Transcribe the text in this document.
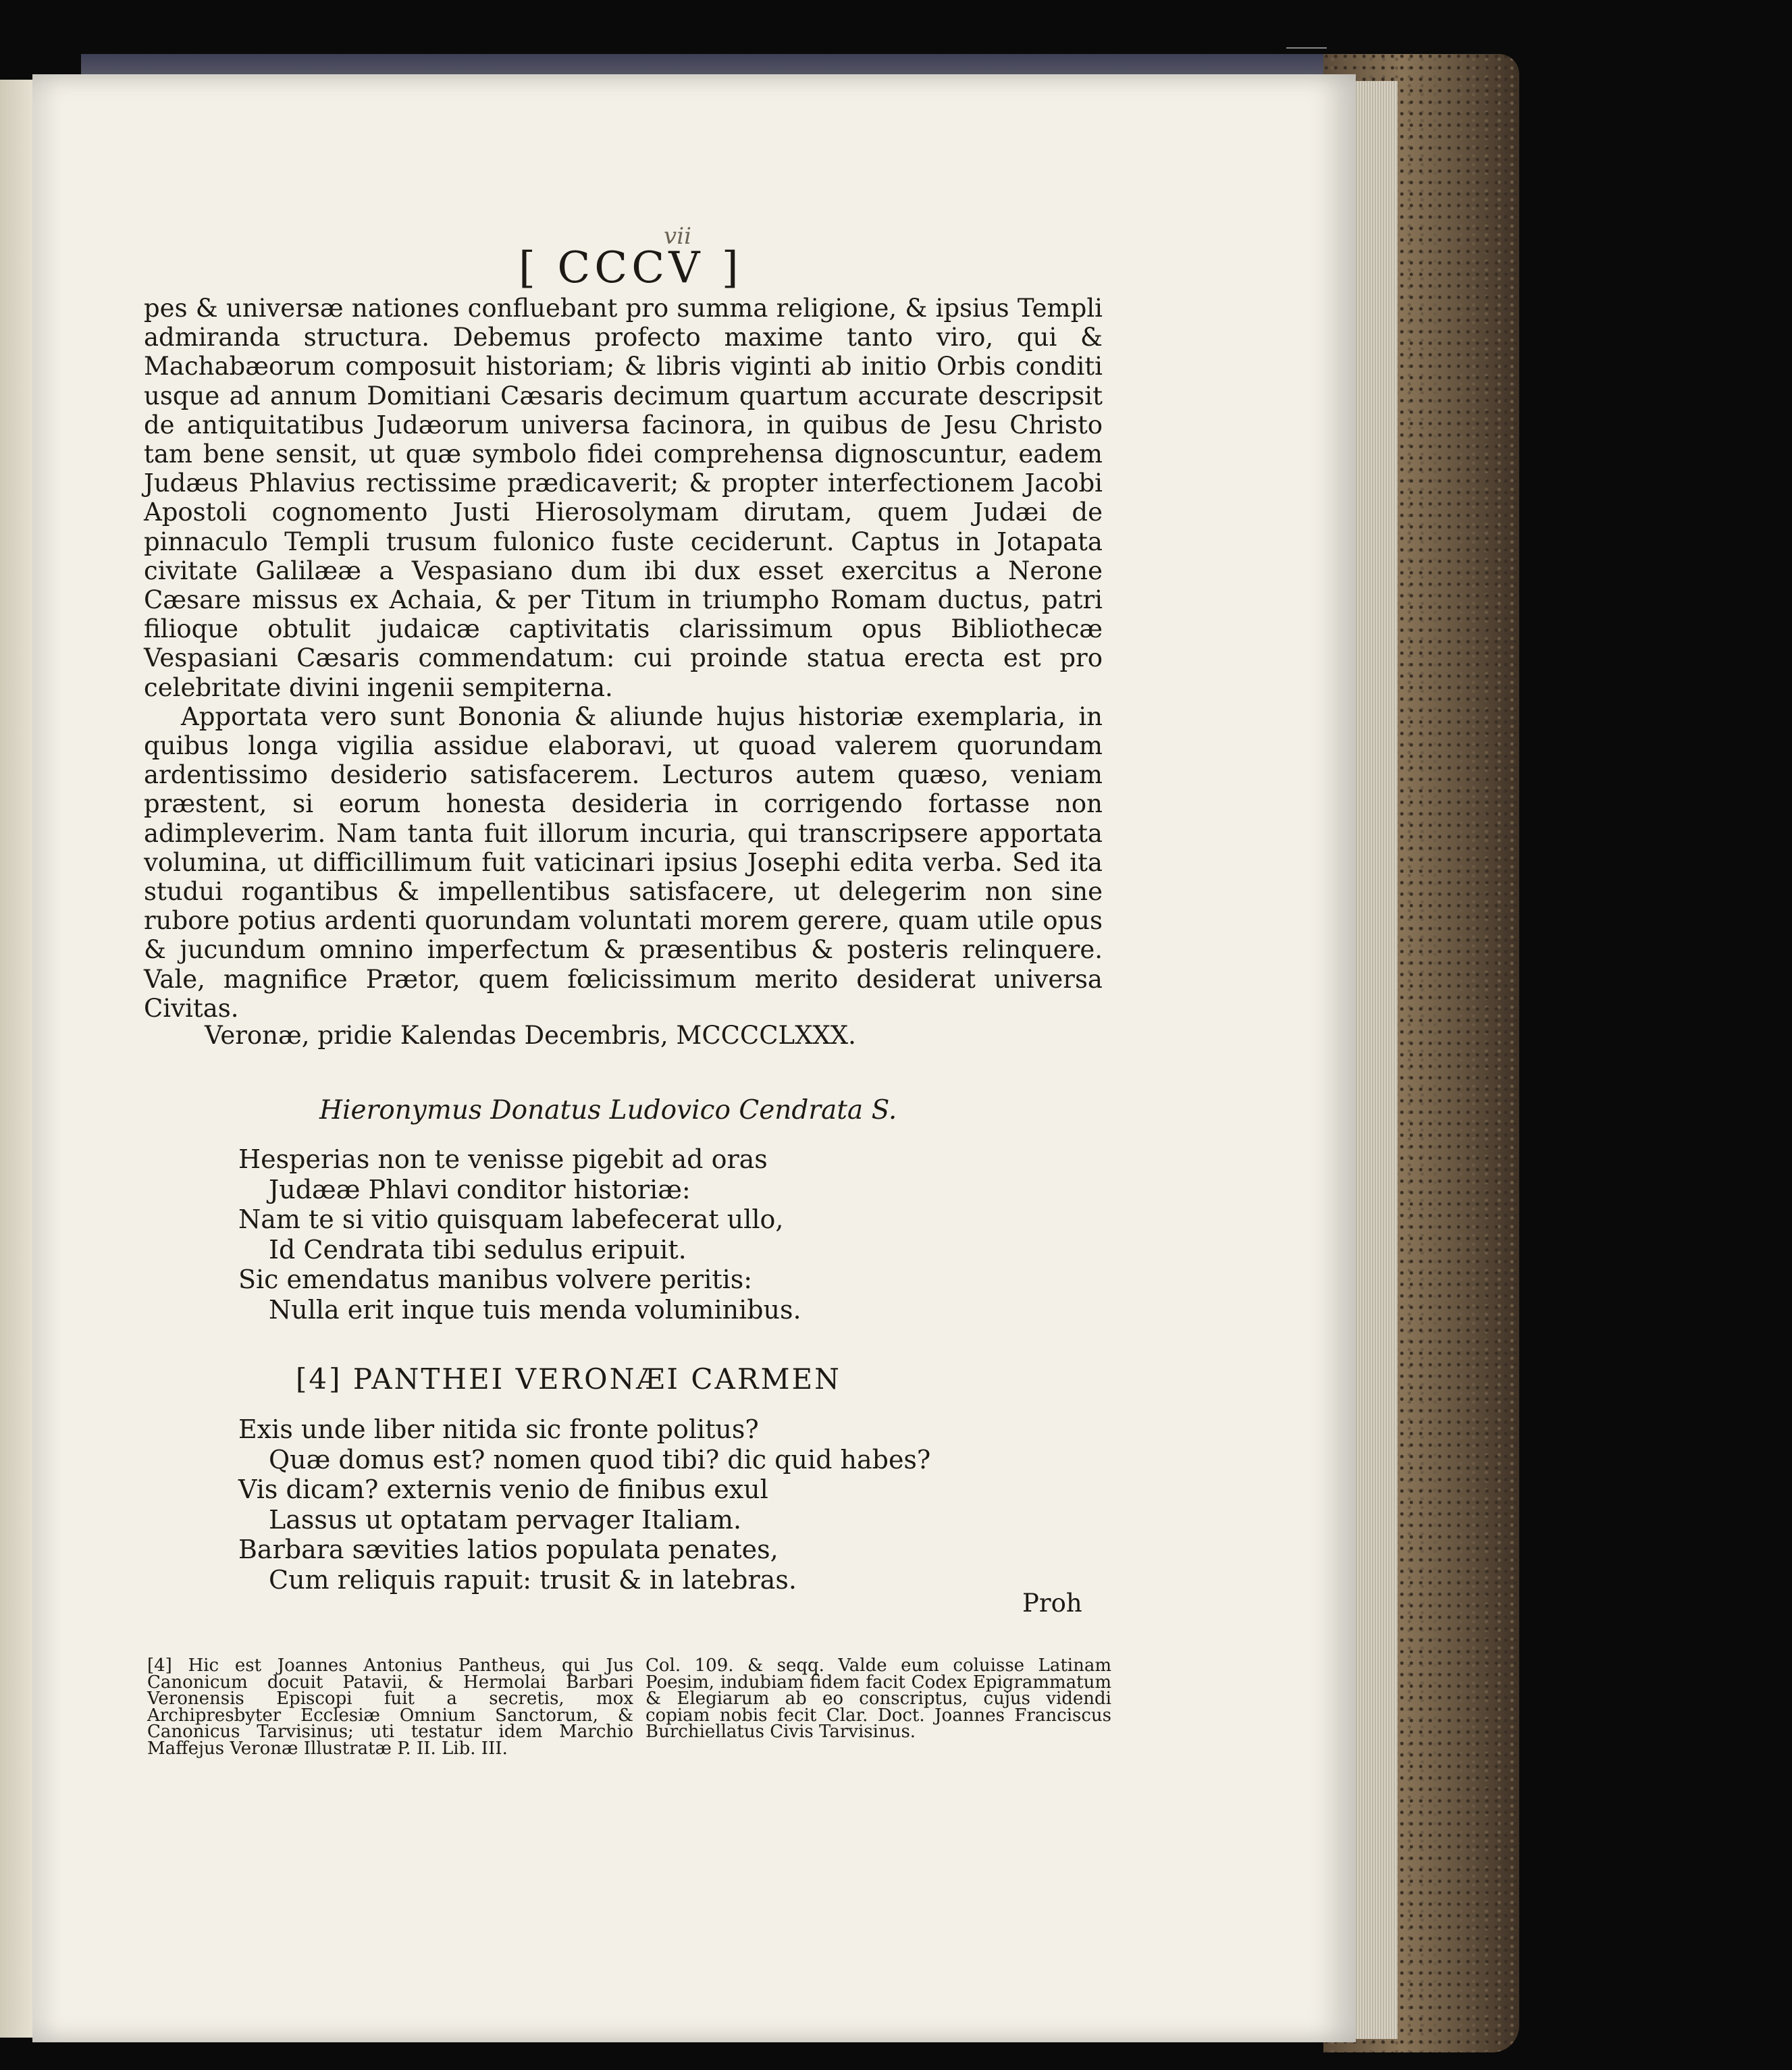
[ CCCV ]
vii

pes & universæ nationes confluebant pro summa religione, & ipsius Templi admiranda structura. Debemus profecto maxime tanto viro, qui & Machabæorum composuit historiam; & libris viginti ab initio Orbis conditi usque ad annum Domitiani Cæsaris decimum quartum accurate descripsit de antiquitatibus Judæorum universa facinora, in quibus de Jesu Christo tam bene sensit, ut quæ symbolo fidei comprehensa dignoscuntur, eadem Judæus Phlavius rectissime prædicaverit; & propter interfectionem Jacobi Apostoli cognomento Justi Hierosolymam dirutam, quem Judæi de pinnaculo Templi trusum fulonico fuste ceciderunt. Captus in Jotapata civitate Galilææ a Vespasiano dum ibi dux esset exercitus a Nerone Cæsare missus ex Achaia, & per Titum in triumpho Romam ductus, patri filioque obtulit judaicæ captivitatis clarissimum opus Bibliothecæ Vespasiani Cæsaris commendatum: cui proinde statua erecta est pro celebritate divini ingenii sempiterna.

Apportata vero sunt Bononia & aliunde hujus historiæ exemplaria, in quibus longa vigilia assidue elaboravi, ut quoad valerem quorundam ardentissimo desiderio satisfacerem. Lecturos autem quæso, veniam præstent, si eorum honesta desideria in corrigendo fortasse non adimpleverim. Nam tanta fuit illorum incuria, qui transcripsere apportata volumina, ut difficillimum fuit vaticinari ipsius Josephi edita verba. Sed ita studui rogantibus & impellentibus satisfacere, ut delegerim non sine rubore potius ardenti quorundam voluntati morem gerere, quam utile opus & jucundum omnino imperfectum & præsentibus & posteris relinquere. Vale, magnifice Prætor, quem fœlicissimum merito desiderat universa Civitas.

Veronæ, pridie Kalendas Decembris, MCCCCLXXX.
Hieronymus Donatus Ludovico Cendrata S.
Hesperias non te venisse pigebit ad oras
Judææ Phlavi conditor historiæ:
Nam te si vitio quisquam labefecerat ullo,
Id Cendrata tibi sedulus eripuit.
Sic emendatus manibus volvere peritis:
Nulla erit inque tuis menda voluminibus.
[4] PANTHEI VERONÆI CARMEN
Exis unde liber nitida sic fronte politus?
Quæ domus est? nomen quod tibi? dic quid habes?
Vis dicam? externis venio de finibus exul
Lassus ut optatam pervager Italiam.
Barbara sævities latios populata penates,
Cum reliquis rapuit: trusit & in latebras.
Proh
[4] Hic est Joannes Antonius Pantheus, qui Jus Canonicum docuit Patavii, & Hermolai Barbari Veronensis Episcopi fuit a secretis, mox Archipresbyter Ecclesiæ Omnium Sanctorum, & Canonicus Tarvisinus; uti testatur idem Marchio Maffejus Veronæ Illustratæ P. II. Lib. III.
Col. 109. & seqq. Valde eum coluisse Latinam Poesim, indubiam fidem facit Codex Epigrammatum & Elegiarum ab eo conscriptus, cujus videndi copiam nobis fecit Clar. Doct. Joannes Franciscus Burchiellatus Civis Tarvisinus.
